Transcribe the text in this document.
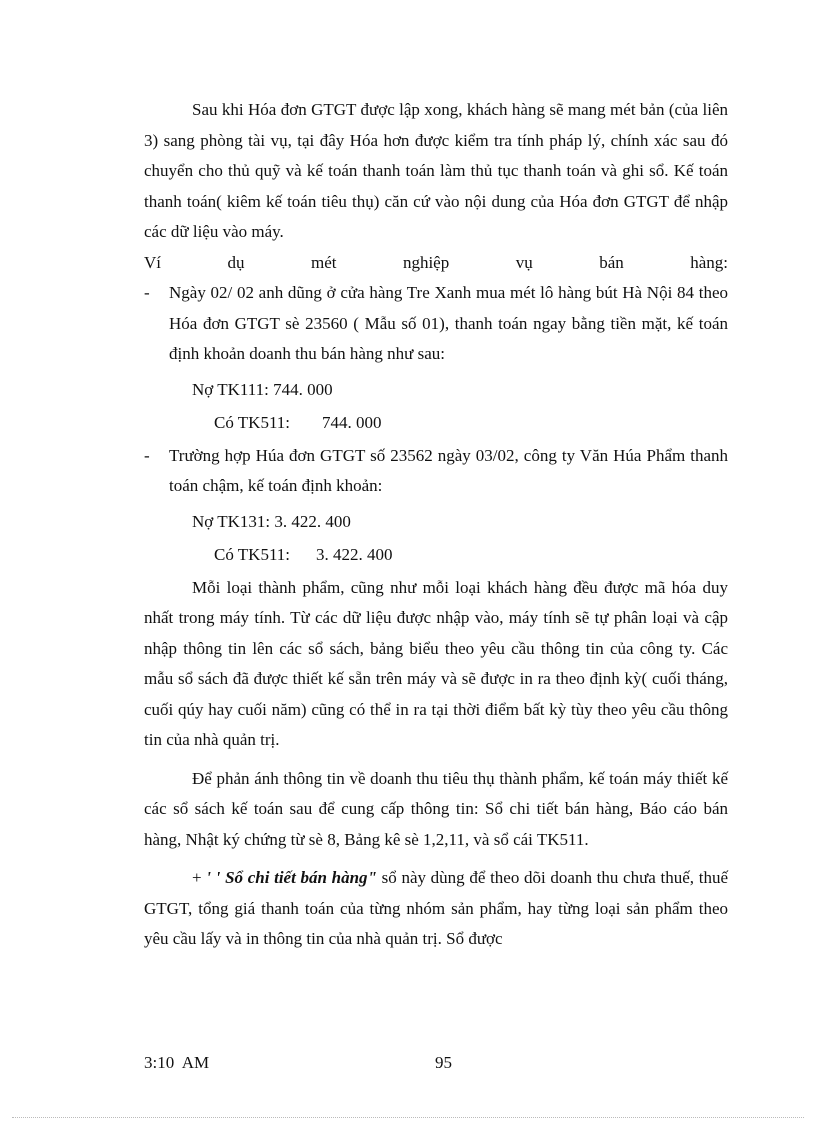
Sau khi Hóa đơn GTGT được lập xong, khách hàng sẽ mang mét bản (của liên 3) sang phòng tài vụ, tại đây Hóa hơn được kiểm tra tính pháp lý, chính xác sau đó chuyển cho thủ quỹ và kế toán thanh toán làm thủ tục thanh toán và ghi sổ. Kế toán thanh toán( kiêm kế toán tiêu thụ) căn cứ vào nội dung của Hóa đơn GTGT để nhập các dữ liệu vào máy.

Ví dụ mét nghiệp vụ bán hàng:

- Ngày 02/ 02 anh dũng ở cửa hàng Tre Xanh mua mét lô hàng bút Hà Nội 84 theo Hóa đơn GTGT sè 23560 ( Mẫu số 01), thanh toán ngay bằng tiền mặt, kế toán định khoản doanh thu bán hàng như sau:

Nợ TK111: 744. 000

Có TK511: 744. 000

- Trường hợp Húa đơn GTGT số 23562 ngày 03/02, công ty Văn Húa Phẩm thanh toán chậm, kế toán định khoản:

Nợ TK131: 3. 422. 400

Có TK511: 3. 422. 400

Mỗi loại thành phẩm, cũng như mỗi loại khách hàng đều được mã hóa duy nhất trong máy tính. Từ các dữ liệu được nhập vào, máy tính sẽ tự phân loại và cập nhập thông tin lên các sổ sách, bảng biểu theo yêu cầu thông tin của công ty. Các mẫu sổ sách đã được thiết kế sẵn trên máy và sẽ được in ra theo định kỳ( cuối tháng, cuối qúy hay cuối năm) cũng có thể in ra tại thời điểm bất kỳ tùy theo yêu cầu thông tin của nhà quản trị.

Để phản ánh thông tin về doanh thu tiêu thụ thành phẩm, kế toán máy thiết kế các sổ sách kế toán sau để cung cấp thông tin: Sổ chi tiết bán hàng, Báo cáo bán hàng, Nhật ký chứng từ sè 8, Bảng kê sè 1,2,11, và sổ cái TK511.

+ ' ' Sổ chi tiết bán hàng" sổ này dùng để theo dõi doanh thu chưa thuế, thuế GTGT, tổng giá thanh toán của từng nhóm sản phẩm, hay từng loại sản phẩm theo yêu cầu lấy và in thông tin của nhà quản trị. Sổ được

3:10  AM	95
